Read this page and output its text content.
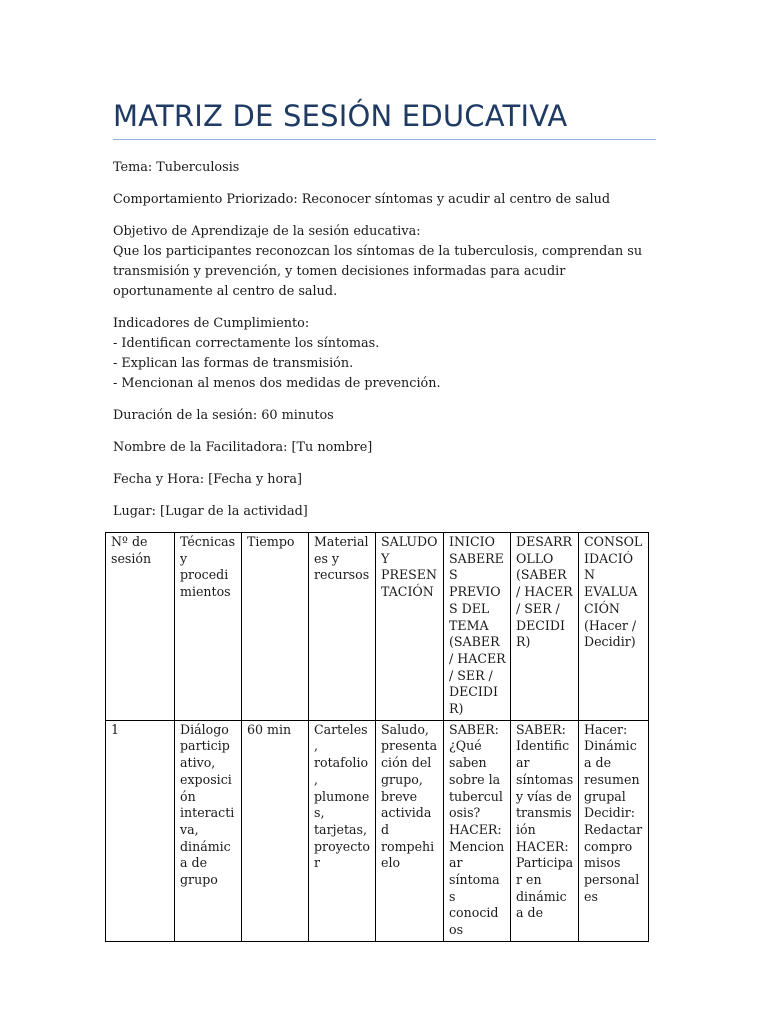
MATRIZ DE SESIÓN EDUCATIVA

Tema: Tuberculosis

Comportamiento Priorizado: Reconocer síntomas y acudir al centro de salud

Objetivo de Aprendizaje de la sesión educativa:

Que los participantes reconozcan los síntomas de la tuberculosis, comprendan su transmisión y prevención, y tomen decisiones informadas para acudir oportunamente al centro de salud.

Indicadores de Cumplimiento:

- Identifican correctamente los síntomas.

- Explican las formas de transmisión.

- Mencionan al menos dos medidas de prevención.

Duración de la sesión: 60 minutos

Nombre de la Facilitadora: [Tu nombre]

Fecha y Hora: [Fecha y hora]

Lugar: [Lugar de la actividad]

Nº de sesión	Técnicas y procedimientos	Tiempo	Materiales y recursos	SALUDO Y PRESENTACIÓN	INICIO SABERES PREVIOS DEL TEMA (SABER / HACER / SER / DECIDIR)	DESARROLLO (SABER / HACER / SER / DECIDIR)	CONSOLIDACIÓN EVALUACIÓN (Hacer / Decidir)
1	Diálogo participativo, exposición interactiva, dinámica de grupo	60 min	Carteles, rotafolio, plumones, tarjetas, proyector	Saludo, presentación del grupo, breve actividad rompehielo	SABER: ¿Qué saben sobre la tuberculosis? HACER: Mencionar síntomas conocidos	SABER: Identificar síntomas y vías de transmisión HACER: Participar en dinámica de	Hacer: Dinámica de resumen grupal Decidir: Redactar compromisos personales
